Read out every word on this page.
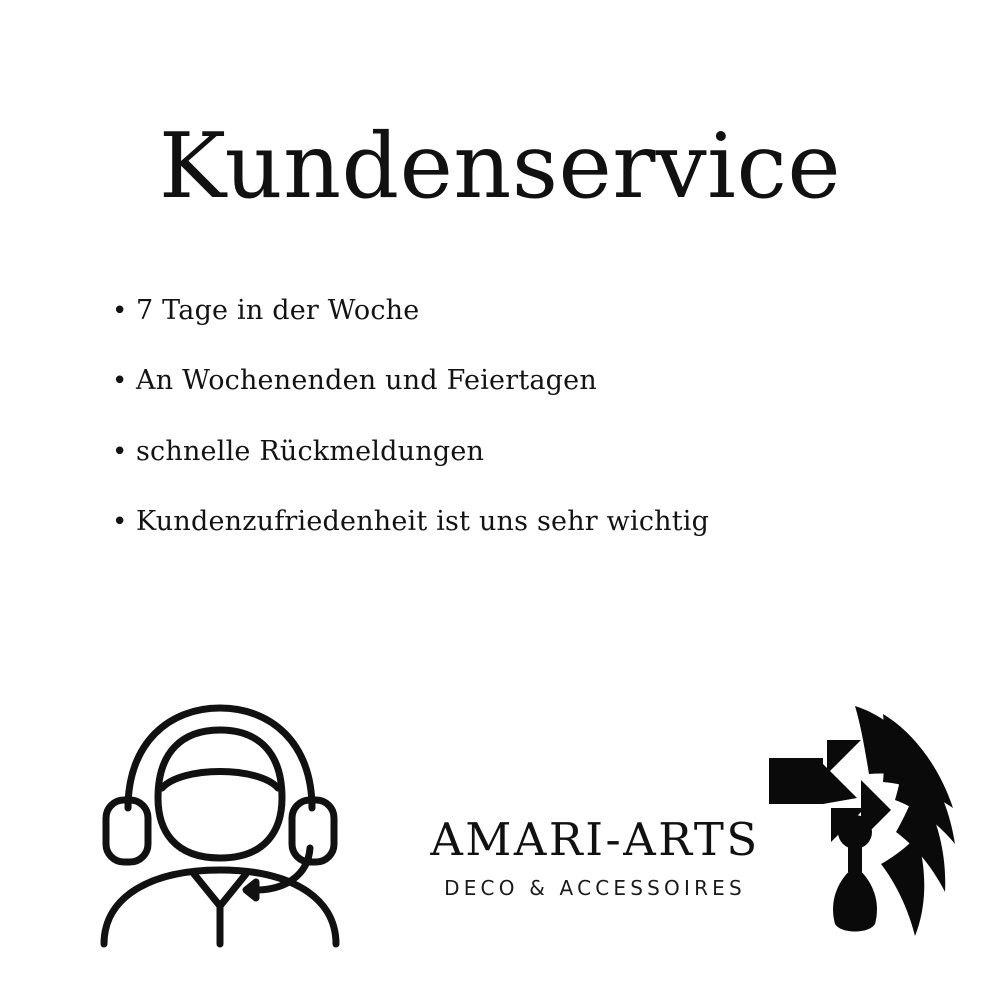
Kundenservice
• 7 Tage in der Woche
• An Wochenenden und Feiertagen
• schnelle Rückmeldungen
• Kundenzufriedenheit ist uns sehr wichtig
AMARI-ARTS
DECO & ACCESSOIRES
